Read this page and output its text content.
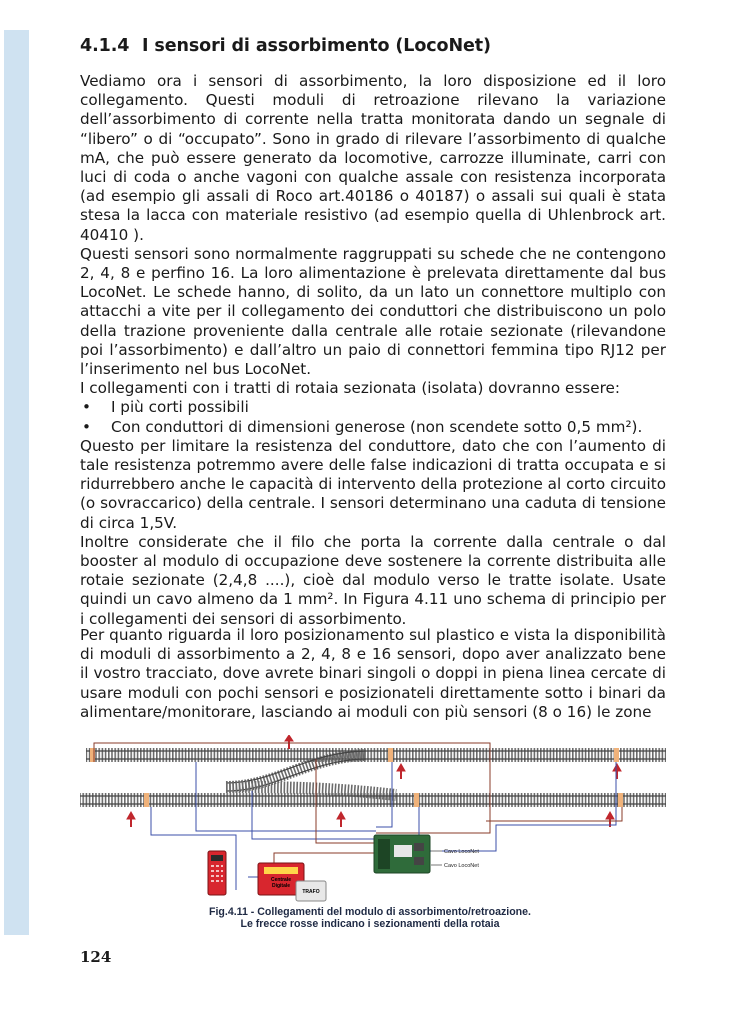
4.1.4 I sensori di assorbimento (LocoNet)

Vediamo ora i sensori di assorbimento, la loro disposizione ed il loro collegamento. Questi moduli di retroazione rilevano la variazione dell’assorbimento di corrente nella tratta monitorata dando un segnale di “libero” o di “occupato”. Sono in grado di rilevare l’assorbimento di qualche mA, che può essere generato da locomotive, carrozze illuminate, carri con luci di coda o anche vagoni con qualche assale con resistenza incorporata (ad esempio gli assali di Roco art.40186 o 40187) o assali sui quali è stata stesa la lacca con materiale resistivo (ad esempio quella di Uhlenbrock art. 40410 ).

Questi sensori sono normalmente raggruppati su schede che ne contengono 2, 4, 8 e perfino 16. La loro alimentazione è prelevata direttamente dal bus LocoNet. Le schede hanno, di solito, da un lato un connettore multiplo con attacchi a vite per il collegamento dei conduttori che distribuiscono un polo della trazione proveniente dalla centrale alle rotaie sezionate (rilevandone poi l’assorbimento) e dall’altro un paio di connettori femmina tipo RJ12 per l’inserimento nel bus LocoNet.

I collegamenti con i tratti di rotaia sezionata (isolata) dovranno essere:

• I più corti possibili
• Con conduttori di dimensioni generose (non scendete sotto 0,5 mm²).

Questo per limitare la resistenza del conduttore, dato che con l’aumento di tale resistenza potremmo avere delle false indicazioni di tratta occupata e si ridurrebbero anche le capacità di intervento della protezione al corto circuito (o sovraccarico) della centrale. I sensori determinano una caduta di tensione di circa 1,5V.

Inoltre considerate che il filo che porta la corrente dalla centrale o dal booster al modulo di occupazione deve sostenere la corrente distribuita alle rotaie sezionate (2,4,8 ....), cioè dal modulo verso le tratte isolate. Usate quindi un cavo almeno da 1 mm². In Figura 4.11 uno schema di principio per i collegamenti dei sensori di assorbimento.

Per quanto riguarda il loro posizionamento sul plastico e vista la disponibilità di moduli di assorbimento a 2, 4, 8 e 16 sensori, dopo aver analizzato bene il vostro tracciato, dove avrete binari singoli o doppi in piena linea cercate di usare moduli con pochi sensori e posizionateli direttamente sotto i binari da alimentare/monitorare, lasciando ai moduli con più sensori (8 o 16) le zone

Cavo LocoNet
Cavo LocoNet
Centrale
Digitale
TRAFO
Fig.4.11 - Collegamenti del modulo di assorbimento/retroazione.
Le frecce rosse indicano i sezionamenti della rotaia
124
